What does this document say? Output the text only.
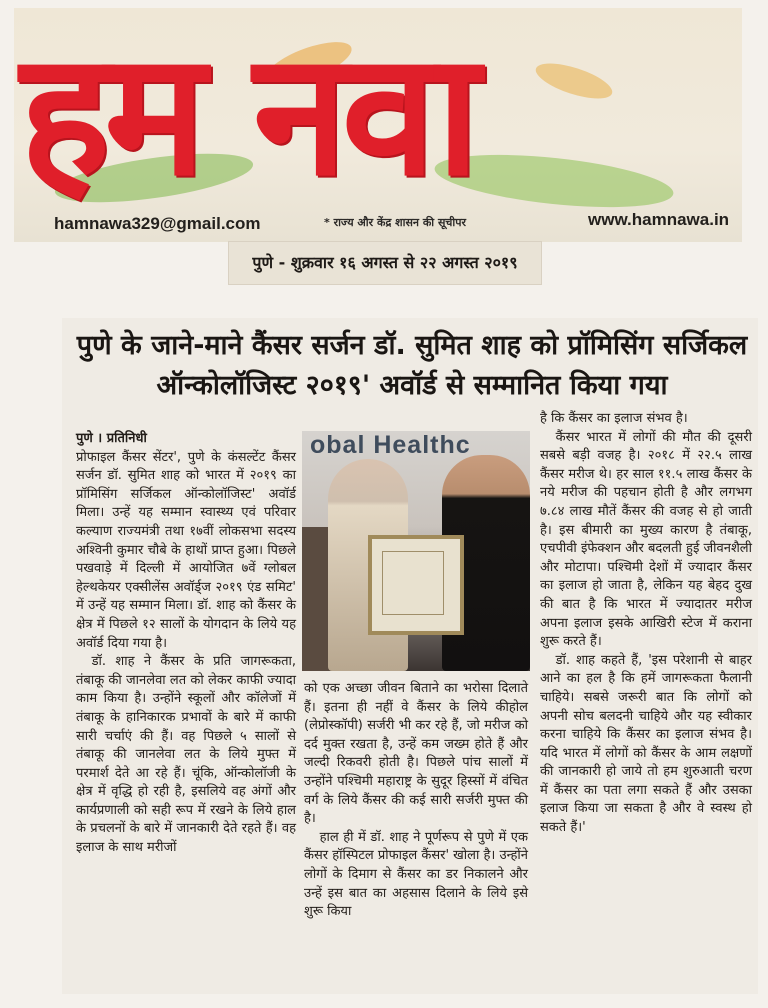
हम नवा
hamnawa329@gmail.com	* राज्य और केंद्र शासन की सूचीपर	www.hamnawa.in
पुणे - शुक्रवार १६ अगस्त से २२ अगस्त २०१९
पुणे के जाने-माने कैंसर सर्जन डॉ. सुमित शाह को प्रॉमिसिंग सर्जिकल ऑन्कोलॉजिस्ट २०१९' अवॉर्ड से सम्मानित किया गया

पुणे । प्रतिनिधी

प्रोफाइल कैंसर सेंटर', पुणे के कंसल्टेंट कैंसर सर्जन डॉ. सुमित शाह को भारत में २०१९ का प्रॉमिसिंग सर्जिकल ऑन्कोलॉजिस्ट' अवॉर्ड मिला। उन्हें यह सम्मान स्वास्थ्य एवं परिवार कल्याण राज्यमंत्री तथा १७वीं लोकसभा सदस्य अश्विनी कुमार चौबे के हाथों प्राप्त हुआ। पिछले पखवाड़े में दिल्ली में आयोजित ७वें ग्लोबल हेल्थकेयर एक्सीलेंस अवॉर्ड्ज २०१९ एंड समिट' में उन्हें यह सम्मान मिला। डॉ. शाह को कैंसर के क्षेत्र में पिछले १२ सालों के योगदान के लिये यह अवॉर्ड दिया गया है।

डॉ. शाह ने कैंसर के प्रति जागरूकता, तंबाकू की जानलेवा लत को लेकर काफी ज्यादा काम किया है। उन्होंने स्कूलों और कॉलेजों में तंबाकू के हानिकारक प्रभावों के बारे में काफी सारी चर्चाएं की हैं। वह पिछले ५ सालों से तंबाकू की जानलेवा लत के लिये मुफ्त में परमार्श देते आ रहे हैं। चूंकि, ऑन्कोलॉजी के क्षेत्र में वृद्धि हो रही है, इसलिये वह अंगों और कार्यप्रणाली को सही रूप में रखने के लिये हाल के प्रचलनों के बारे में जानकारी देते रहते हैं। वह इलाज के साथ मरीजों

obal Healthc

को एक अच्छा जीवन बिताने का भरोसा दिलाते हैं। इतना ही नहीं वे कैंसर के लिये कीहोल (लेप्रोस्कॉपी) सर्जरी भी कर रहे हैं, जो मरीज को दर्द मुक्त रखता है, उन्हें कम जख्म होते हैं और जल्दी रिकवरी होती है। पिछले पांच सालों में उन्होंने पश्चिमी महाराष्ट्र के सुदूर हिस्सों में वंचित वर्ग के लिये कैंसर की कई सारी सर्जरी मुफ्त की है।

हाल ही में डॉ. शाह ने पूर्णरूप से पुणे में एक कैंसर हॉस्पिटल प्रोफाइल कैंसर' खोला है। उन्होंने लोगों के दिमाग से कैंसर का डर निकालने और उन्हें इस बात का अहसास दिलाने के लिये इसे शुरू किया

है कि कैंसर का इलाज संभव है।

कैंसर भारत में लोगों की मौत की दूसरी सबसे बड़ी वजह है। २०१८ में २२.५ लाख कैंसर मरीज थे। हर साल ११.५ लाख कैंसर के नये मरीज की पहचान होती है और लगभग ७.८४ लाख मौतें कैंसर की वजह से हो जाती है। इस बीमारी का मुख्य कारण है तंबाकू, एचपीवी इंफेक्शन और बदलती हुई जीवनशैली और मोटापा। पश्चिमी देशों में ज्यादार कैंसर का इलाज हो जाता है, लेकिन यह बेहद दुख की बात है कि भारत में ज्यादातर मरीज अपना इलाज इसके आखिरी स्टेज में कराना शुरू करते हैं।

डॉ. शाह कहते हैं, 'इस परेशानी से बाहर आने का हल है कि हमें जागरूकता फैलानी चाहिये। सबसे जरूरी बात कि लोगों को अपनी सोच बलदनी चाहिये और यह स्वीकार करना चाहिये कि कैंसर का इलाज संभव है। यदि भारत में लोगों को कैंसर के आम लक्षणों की जानकारी हो जाये तो हम शुरुआती चरण में कैंसर का पता लगा सकते हैं और उसका इलाज किया जा सकता है और वे स्वस्थ हो सकते हैं।'
